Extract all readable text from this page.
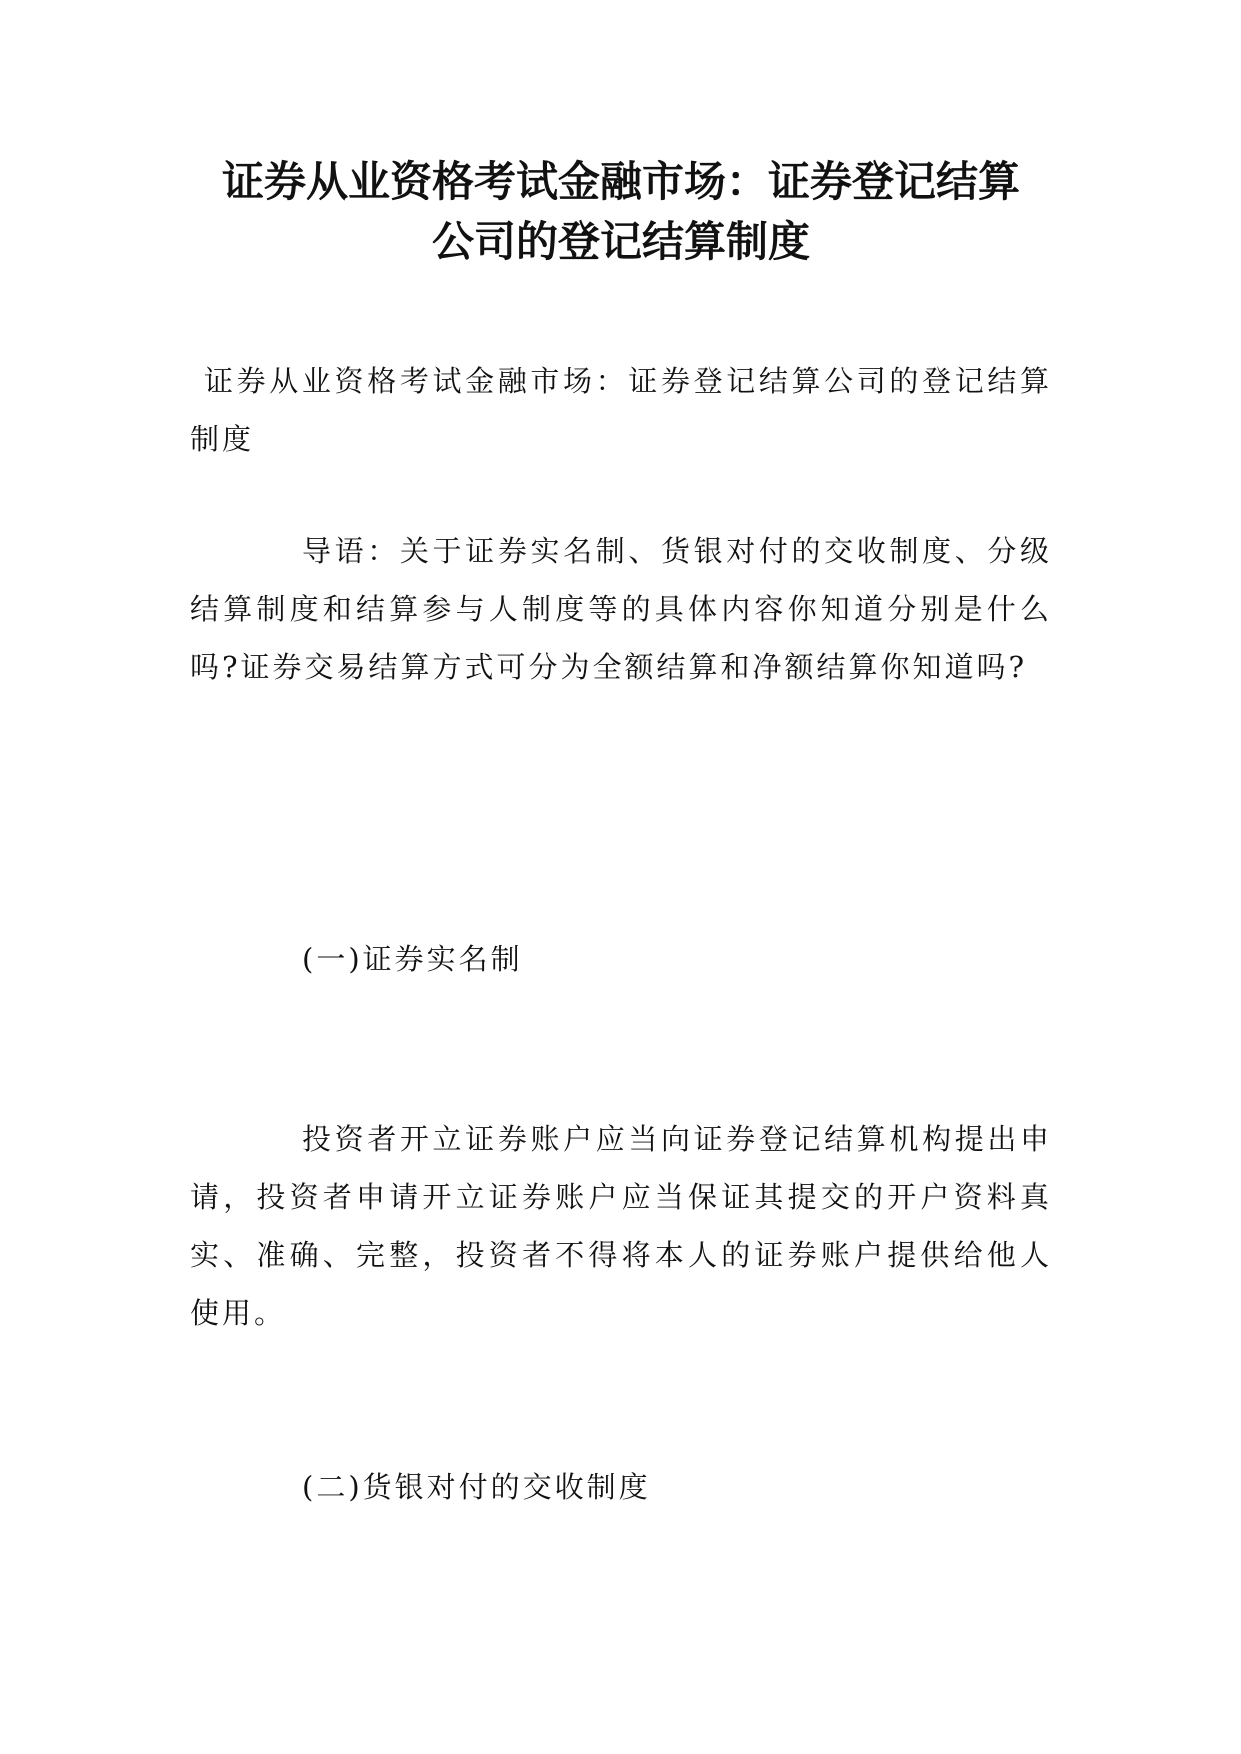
证券从业资格考试金融市场：证券登记结算
公司的登记结算制度

证券从业资格考试金融市场：证券登记结算公司的登记结算制度

导语：关于证券实名制、货银对付的交收制度、分级结算制度和结算参与人制度等的具体内容你知道分别是什么吗?证券交易结算方式可分为全额结算和净额结算你知道吗?

(一)证券实名制

投资者开立证券账户应当向证券登记结算机构提出申请，投资者申请开立证券账户应当保证其提交的开户资料真实、准确、完整，投资者不得将本人的证券账户提供给他人使用。

(二)货银对付的交收制度
